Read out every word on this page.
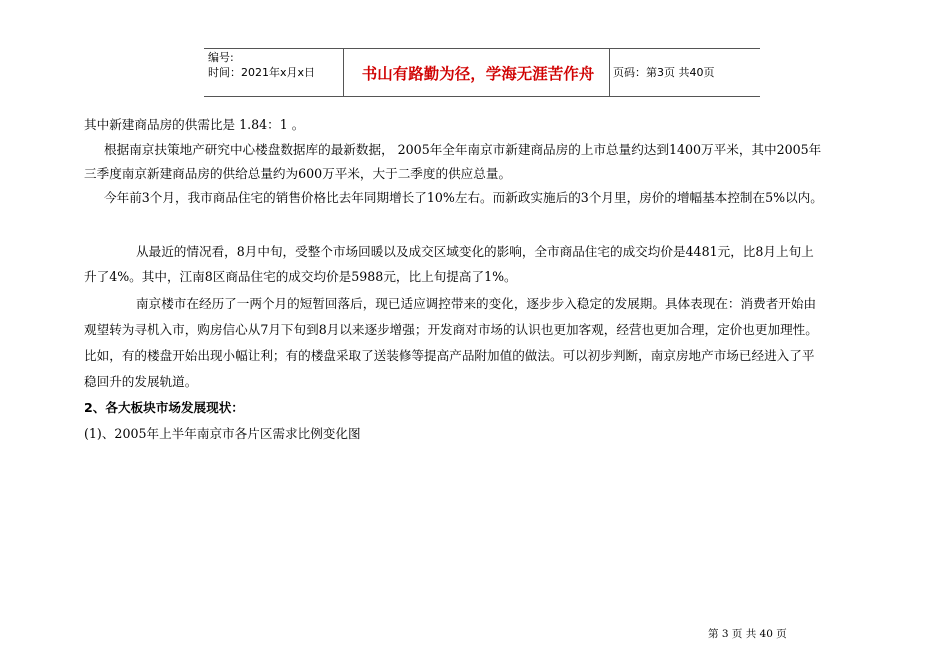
编号:
时间：2021年x月x日	书山有路勤为径，学海无涯苦作舟	页码：第3页 共40页
其中新建商品房的供需比是 1.84：1 。
根据南京扶策地产研究中心楼盘数据库的最新数据， 2005年全年南京市新建商品房的上市总量约达到1400万平米，其中2005年
三季度南京新建商品房的供给总量约为600万平米，大于二季度的供应总量。
今年前3个月，我市商品住宅的销售价格比去年同期增长了10%左右。而新政实施后的3个月里，房价的增幅基本控制在5%以内。
从最近的情况看，8月中旬，受整个市场回暖以及成交区域变化的影响，全市商品住宅的成交均价是4481元，比8月上旬上
升了4%。其中，江南8区商品住宅的成交均价是5988元，比上旬提高了1%。
南京楼市在经历了一两个月的短暂回落后，现已适应调控带来的变化，逐步步入稳定的发展期。具体表现在：消费者开始由
观望转为寻机入市，购房信心从7月下旬到8月以来逐步增强；开发商对市场的认识也更加客观，经营也更加合理，定价也更加理性。
比如，有的楼盘开始出现小幅让利；有的楼盘采取了送装修等提高产品附加值的做法。可以初步判断，南京房地产市场已经进入了平
稳回升的发展轨道。
2、各大板块市场发展现状：
(1)、2005年上半年南京市各片区需求比例变化图
第 3 页 共 40 页
